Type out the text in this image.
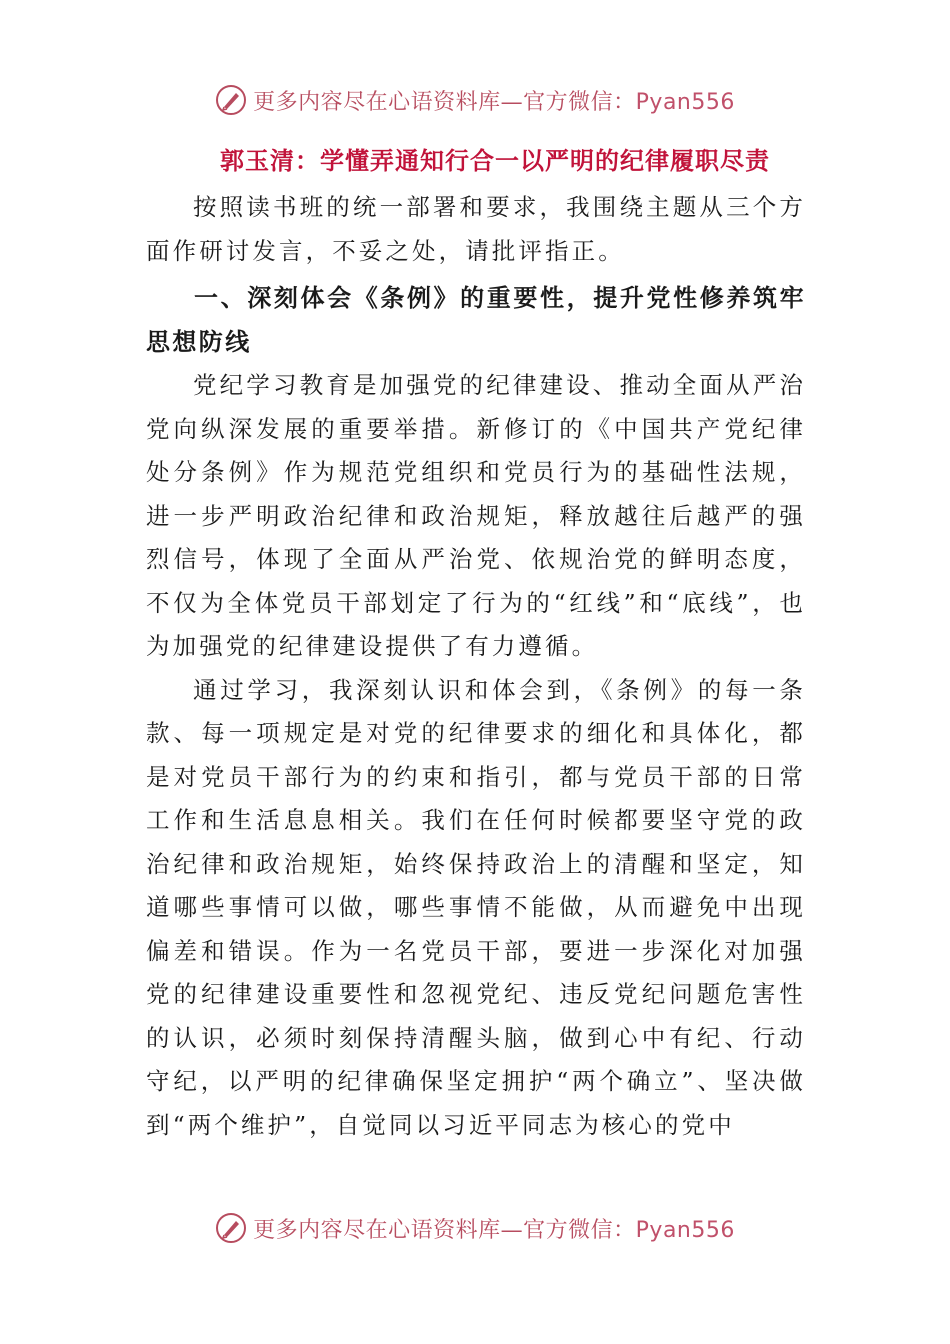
更多内容尽在心语资料库—官方微信：Pyan556
郭玉清：学懂弄通知行合一以严明的纪律履职尽责

按照读书班的统一部署和要求，我围绕主题从三个方面作研讨发言，不妥之处，请批评指正。

一、深刻体会《条例》的重要性，提升党性修养筑牢思想防线

党纪学习教育是加强党的纪律建设、推动全面从严治党向纵深发展的重要举措。新修订的《中国共产党纪律处分条例》作为规范党组织和党员行为的基础性法规，进一步严明政治纪律和政治规矩，释放越往后越严的强烈信号，体现了全面从严治党、依规治党的鲜明态度，不仅为全体党员干部划定了行为的“红线”和“底线”，也为加强党的纪律建设提供了有力遵循。

通过学习，我深刻认识和体会到，《条例》的每一条款、每一项规定是对党的纪律要求的细化和具体化，都是对党员干部行为的约束和指引，都与党员干部的日常工作和生活息息相关。我们在任何时候都要坚守党的政治纪律和政治规矩，始终保持政治上的清醒和坚定，知道哪些事情可以做，哪些事情不能做，从而避免中出现偏差和错误。作为一名党员干部，要进一步深化对加强党的纪律建设重要性和忽视党纪、违反党纪问题危害性的认识，必须时刻保持清醒头脑，做到心中有纪、行动守纪，以严明的纪律确保坚定拥护“两个确立”、坚决做到“两个维护”，自觉同以习近平同志为核心的党中

更多内容尽在心语资料库—官方微信：Pyan556
